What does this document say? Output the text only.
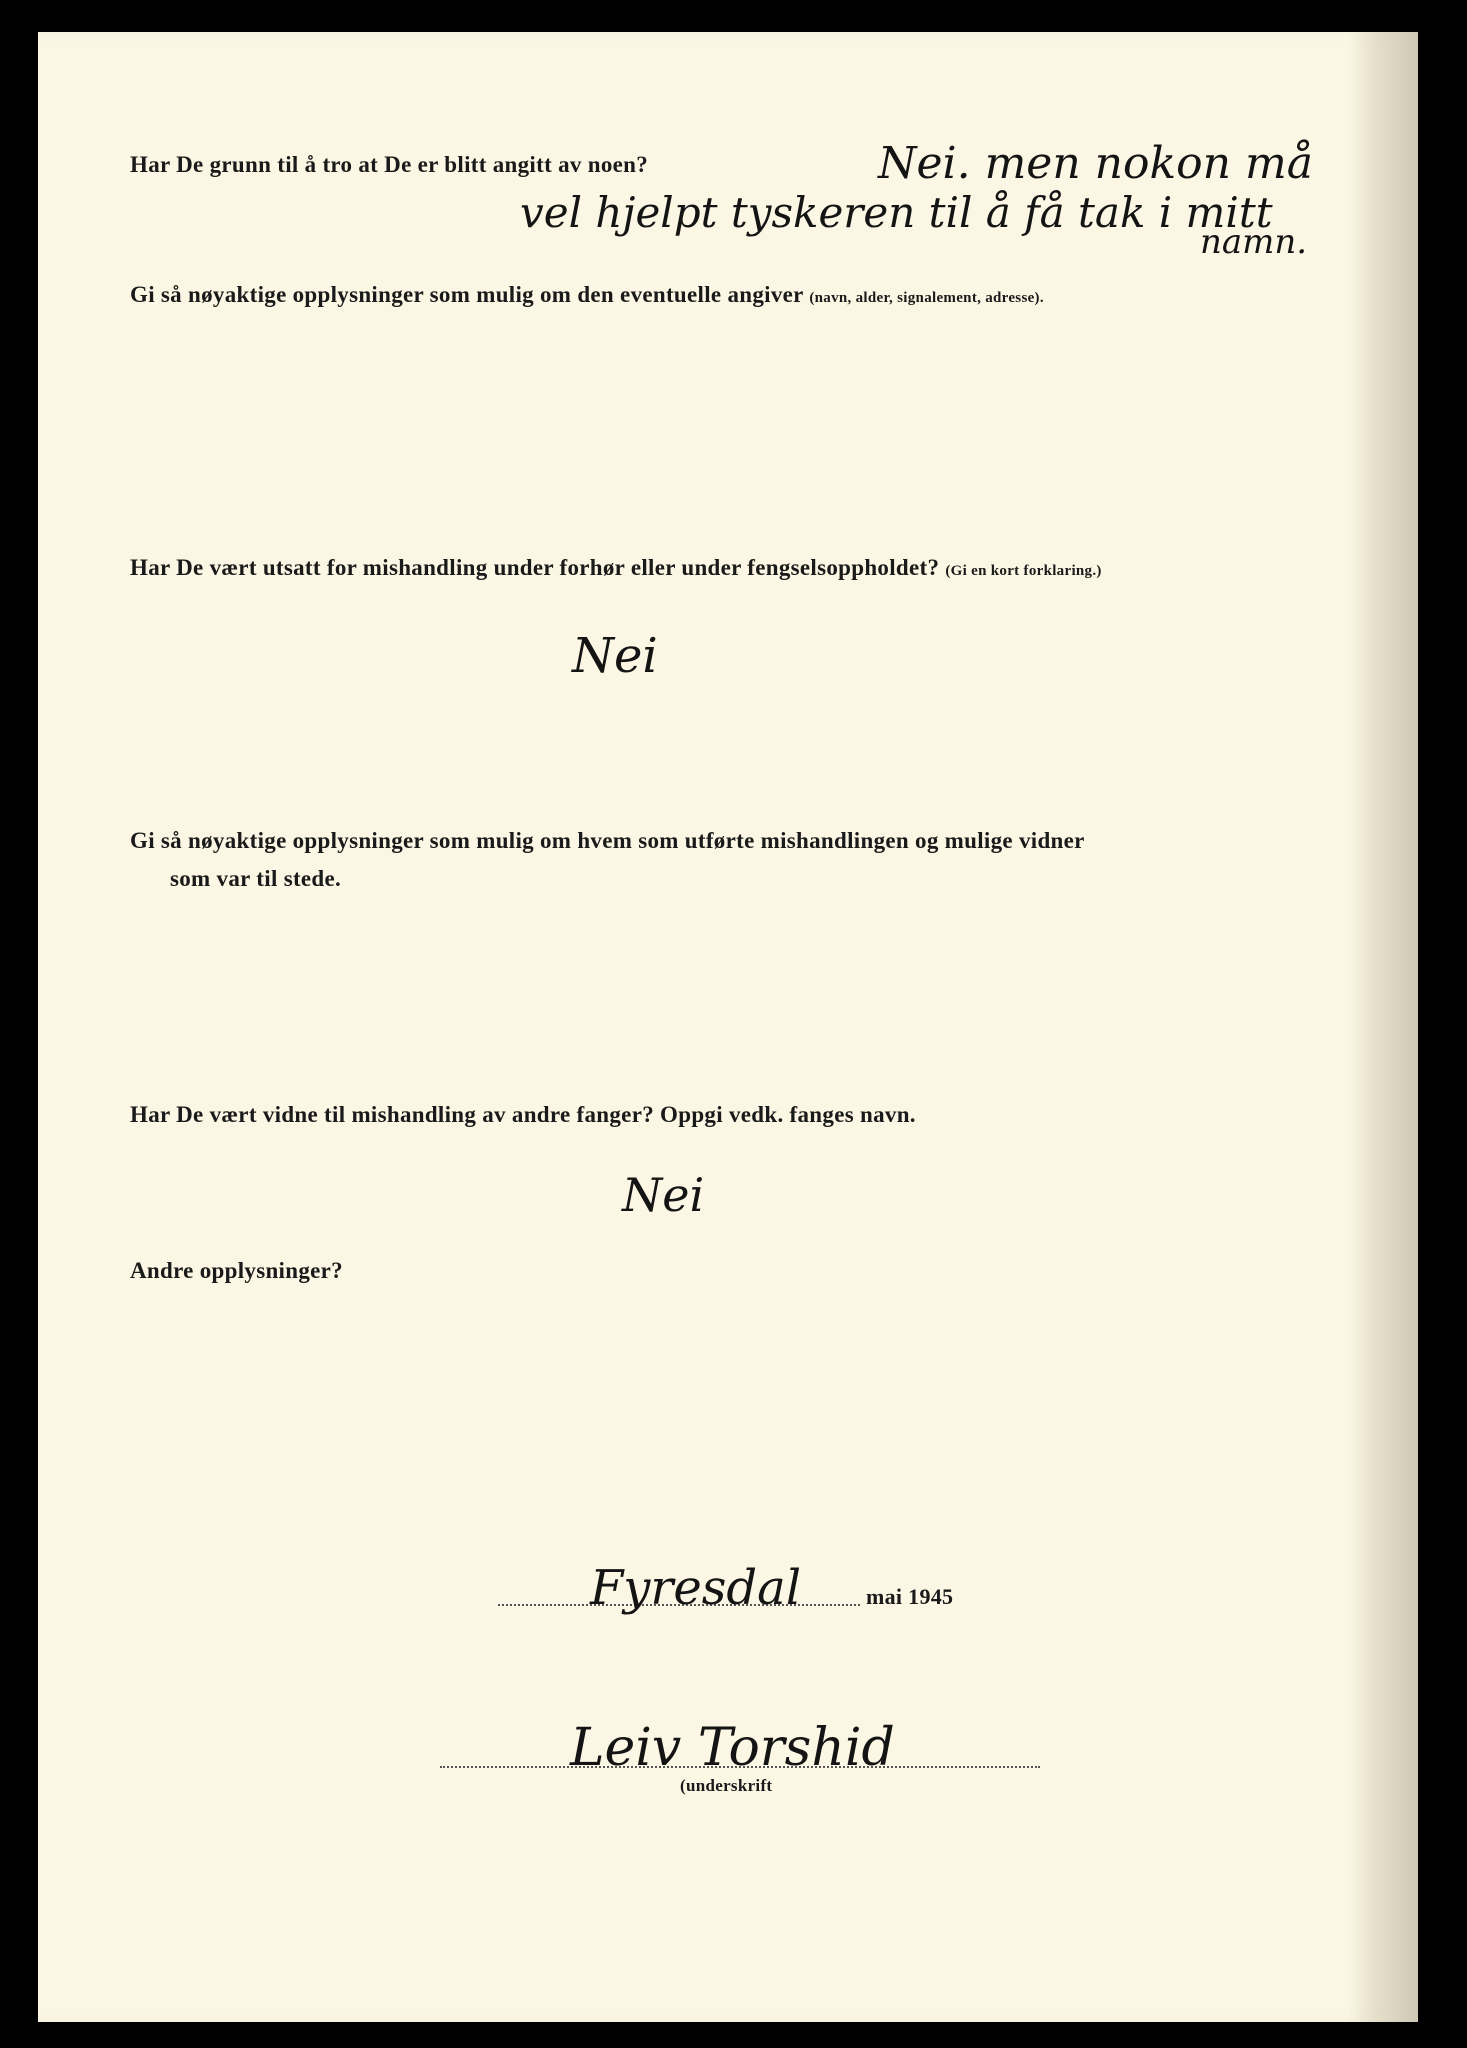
Har De grunn til å tro at De er blitt angitt av noen?	Nei. men nokon må
vel hjelpt tyskeren til å få tak i mitt
namn.
Gi så nøyaktige opplysninger som mulig om den eventuelle angiver (navn, alder, signalement, adresse).
Har De vært utsatt for mishandling under forhør eller under fengselsoppholdet? (Gi en kort forklaring.)
Nei
Gi så nøyaktige opplysninger som mulig om hvem som utførte mishandlingen og mulige vidner
som var til stede.
Har De vært vidne til mishandling av andre fanger? Oppgi vedk. fanges navn.
Nei
Andre opplysninger?
Fyresdal	mai 1945
Leiv Torshid
(underskrift
